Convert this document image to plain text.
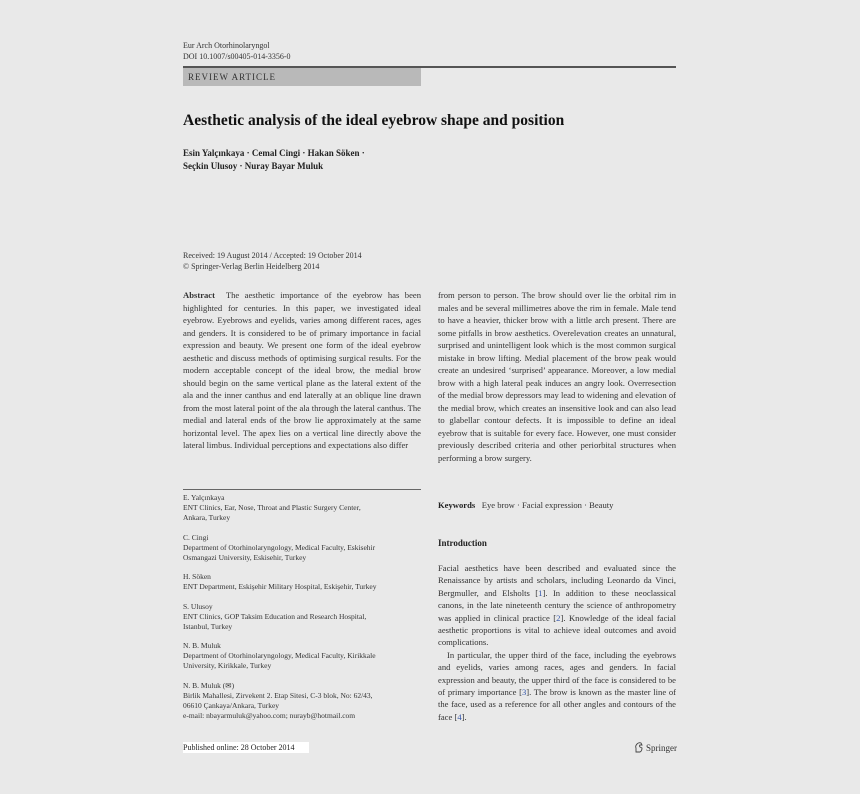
Eur Arch Otorhinolaryngol
DOI 10.1007/s00405-014-3356-0
REVIEW ARTICLE
Aesthetic analysis of the ideal eyebrow shape and position
Esin Yalçınkaya · Cemal Cingi · Hakan Söken ·
Seçkin Ulusoy · Nuray Bayar Muluk
Received: 19 August 2014 / Accepted: 19 October 2014
© Springer-Verlag Berlin Heidelberg 2014

Abstract The aesthetic importance of the eyebrow has been highlighted for centuries. In this paper, we investigated ideal eyebrow. Eyebrows and eyelids, varies among different races, ages and genders. It is considered to be of primary importance in facial expression and beauty. We present one form of the ideal eyebrow aesthetic and discuss methods of optimising surgical results. For the modern acceptable concept of the ideal brow, the medial brow should begin on the same vertical plane as the lateral extent of the ala and the inner canthus and end laterally at an oblique line drawn from the most lateral point of the ala through the lateral canthus. The medial and lateral ends of the brow lie approximately at the same horizontal level. The apex lies on a vertical line directly above the lateral limbus. Individual perceptions and expectations also differ

from person to person. The brow should over lie the orbital rim in males and be several millimetres above the rim in female. Male tend to have a heavier, thicker brow with a little arch present. There are some pitfalls in brow aesthetics. Overelevation creates an unnatural, surprised and unintelligent look which is the most common surgical mistake in brow lifting. Medial placement of the brow peak would create an undesired ‘surprised’ appearance. Moreover, a low medial brow with a high lateral peak induces an angry look. Overresection of the medial brow depressors may lead to widening and elevation of the medial brow, which creates an insensitive look and can also lead to glabellar contour defects. It is impossible to define an ideal eyebrow that is suitable for every face. However, one must consider previously described criteria and other periorbital structures when performing a brow surgery.

Keywords Eye brow · Facial expression · Beauty
Introduction

Facial aesthetics have been described and evaluated since the Renaissance by artists and scholars, including Leonardo da Vinci, Bergmuller, and Elsholts [1]. In addition to these neoclassical canons, in the late nineteenth century the science of anthropometry was applied in clinical practice [2]. Knowledge of the ideal facial aesthetic proportions is vital to achieve ideal outcomes and avoid complications.

In particular, the upper third of the face, including the eyebrows and eyelids, varies among races, ages and genders. In facial expression and beauty, the upper third of the face is considered to be of primary importance [3]. The brow is known as the master line of the face, used as a reference for all other angles and contours of the face [4].

E. Yalçınkaya
ENT Clinics, Ear, Nose, Throat and Plastic Surgery Center,
Ankara, Turkey
C. Cingi
Department of Otorhinolaryngology, Medical Faculty, Eskisehir
Osmangazi University, Eskisehir, Turkey
H. Söken
ENT Department, Eskişehir Military Hospital, Eskişehir, Turkey
S. Ulusoy
ENT Clinics, GOP Taksim Education and Research Hospital,
Istanbul, Turkey
N. B. Muluk
Department of Otorhinolaryngology, Medical Faculty, Kirikkale
University, Kirikkale, Turkey
N. B. Muluk (✉)
Birlik Mahallesi, Zirvekent 2. Etap Sitesi, C-3 blok, No: 62/43,
06610 Çankaya/Ankara, Turkey
e-mail: nbayarmuluk@yahoo.com; nurayb@hotmail.com
Published online: 28 October 2014	Springer
